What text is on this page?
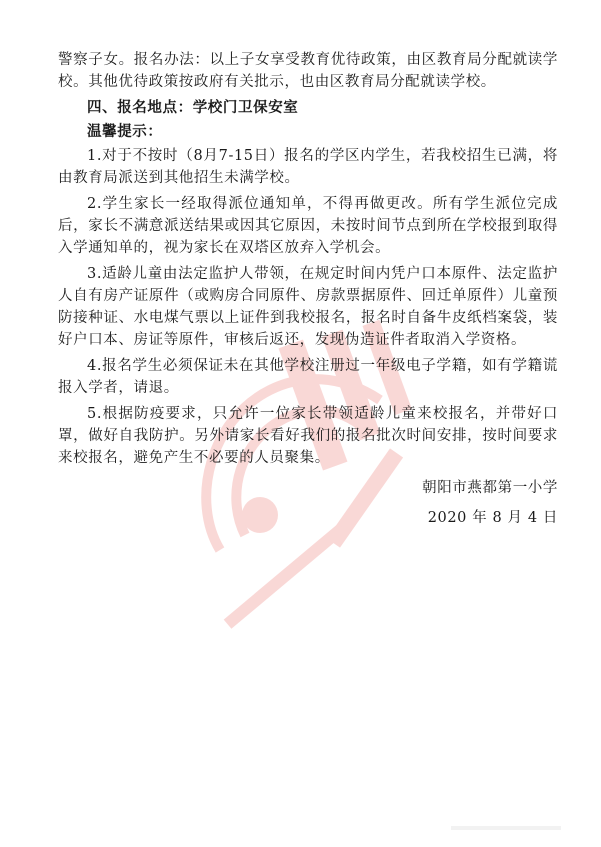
警察子女。报名办法：以上子女享受教育优待政策，由区教育局分配就读学校。其他优待政策按政府有关批示，也由区教育局分配就读学校。

四、报名地点：学校门卫保安室
温馨提示：

1.对于不按时（8月7-15日）报名的学区内学生，若我校招生已满，将由教育局派送到其他招生未满学校。

2.学生家长一经取得派位通知单，不得再做更改。所有学生派位完成后，家长不满意派送结果或因其它原因，未按时间节点到所在学校报到取得入学通知单的，视为家长在双塔区放弃入学机会。

3.适龄儿童由法定监护人带领，在规定时间内凭户口本原件、法定监护人自有房产证原件（或购房合同原件、房款票据原件、回迁单原件）儿童预防接种证、水电煤气票以上证件到我校报名，报名时自备牛皮纸档案袋，装好户口本、房证等原件，审核后返还，发现伪造证件者取消入学资格。

4.报名学生必须保证未在其他学校注册过一年级电子学籍，如有学籍谎报入学者，请退。

5.根据防疫要求，只允许一位家长带领适龄儿童来校报名，并带好口罩，做好自我防护。另外请家长看好我们的报名批次时间安排，按时间要求来校报名，避免产生不必要的人员聚集。

朝阳市燕都第一小学
2020 年 8 月 4 日
